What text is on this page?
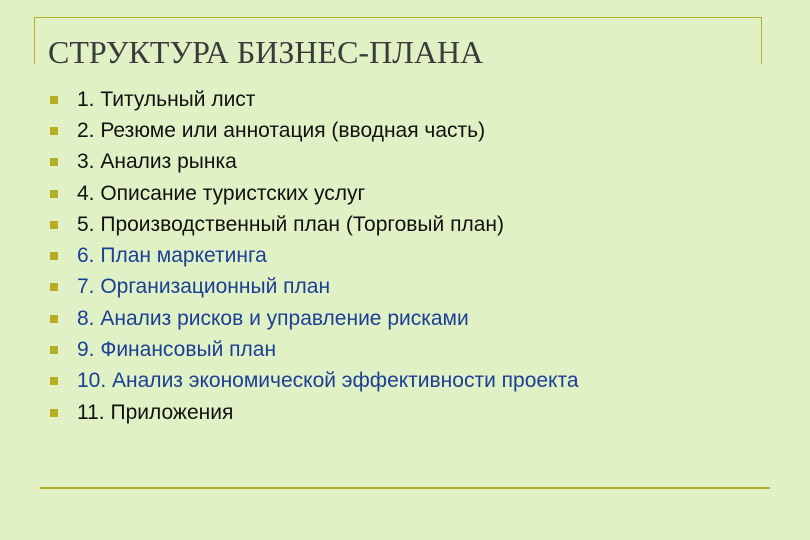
СТРУКТУРА БИЗНЕС-ПЛАНА
1. Титульный лист
2. Резюме или аннотация (вводная часть)
3. Анализ рынка
4. Описание туристских услуг
5. Производственный план (Торговый план)
6. План маркетинга
7. Организационный план
8. Анализ рисков и управление рисками
9. Финансовый план
10. Анализ экономической эффективности проекта
11. Приложения
